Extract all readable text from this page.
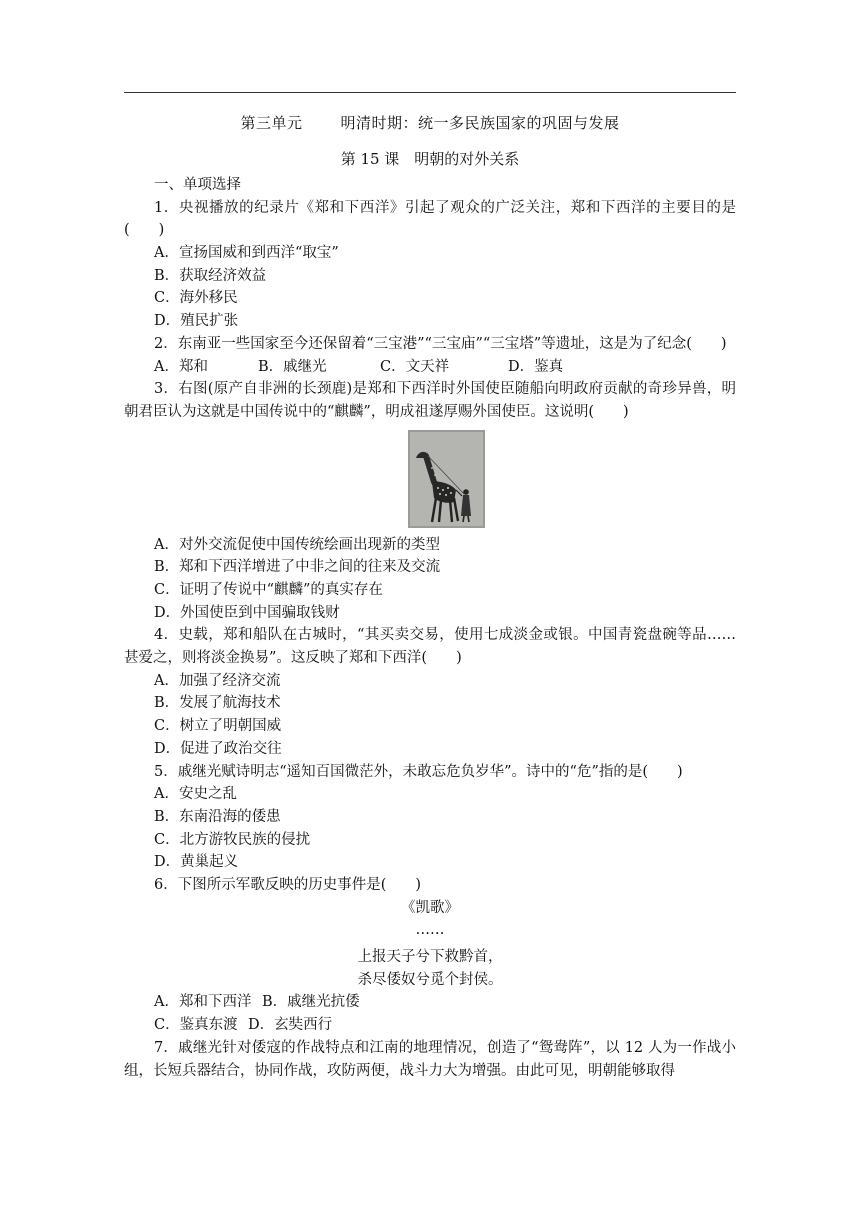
第三单元	明清时期：统一多民族国家的巩固与发展
第 15 课　明朝的对外关系
一、单项选择
1．央视播放的纪录片《郑和下西洋》引起了观众的广泛关注，郑和下西洋的主要目的是(　　)
A．宣扬国威和到西洋“取宝”
B．获取经济效益
C．海外移民
D．殖民扩张
2．东南亚一些国家至今还保留着“三宝港”“三宝庙”“三宝塔”等遗址，这是为了纪念(　　)
A．郑和	B．戚继光	C．文天祥	D．鉴真
3．右图(原产自非洲的长颈鹿)是郑和下西洋时外国使臣随船向明政府贡献的奇珍异兽，明朝君臣认为这就是中国传说中的“麒麟”，明成祖遂厚赐外国使臣。这说明(　　)
A．对外交流促使中国传统绘画出现新的类型
B．郑和下西洋增进了中非之间的往来及交流
C．证明了传说中“麒麟”的真实存在
D．外国使臣到中国骗取钱财
4．史载，郑和船队在古城时，“其买卖交易，使用七成淡金或银。中国青瓷盘碗等品……甚爱之，则将淡金换易”。这反映了郑和下西洋(　　)
A．加强了经济交流
B．发展了航海技术
C．树立了明朝国威
D．促进了政治交往
5．戚继光赋诗明志“遥知百国微茫外，未敢忘危负岁华”。诗中的“危”指的是(　　)
A．安史之乱
B．东南沿海的倭患
C．北方游牧民族的侵扰
D．黄巢起义
6．下图所示军歌反映的历史事件是(　　)
《凯歌》
……
上报天子兮下救黔首，
杀尽倭奴兮觅个封侯。
A．郑和下西洋 B．戚继光抗倭
C．鉴真东渡 D．玄奘西行
7．戚继光针对倭寇的作战特点和江南的地理情况，创造了“鸳鸯阵”，以 12 人为一作战小组，长短兵器结合，协同作战，攻防两便，战斗力大为增强。由此可见，明朝能够取得
